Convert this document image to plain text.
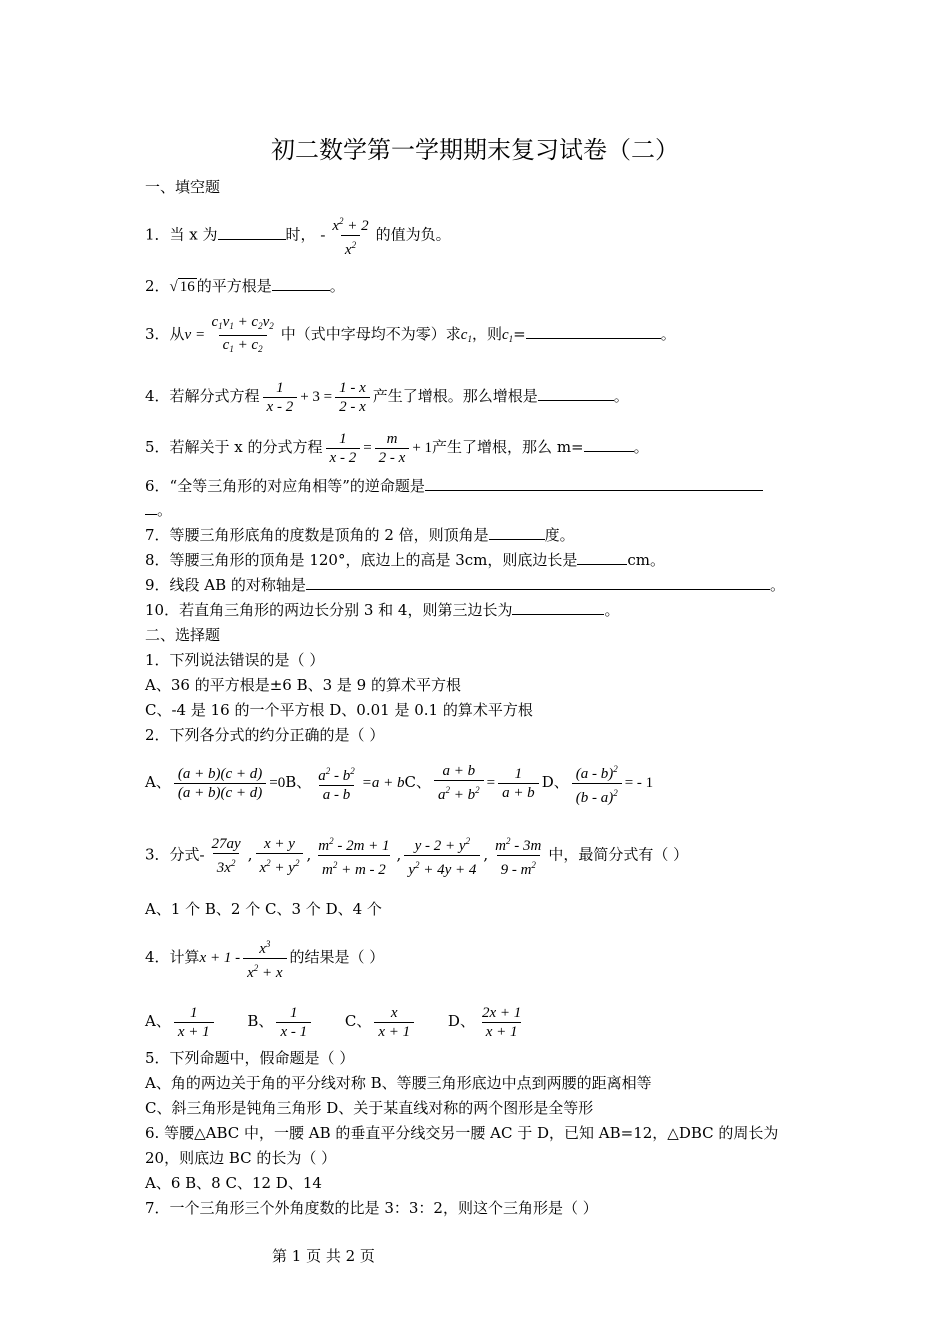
初二数学第一学期期末复习试卷（二）
一、填空题
1．当 x 为	时， - $\frac{x^2 + 2}{x^2}$ 的值为负。
2．√ 16 的平方根是	。
3．从$v = \frac{c_1v_1 + c_2v_2}{c_1 + c_2}$ 中（式中字母均不为零）求$c_1$，则$c_1=$	。
4．若解分式方程 $\frac{1}{x - 2} + 3 = \frac{1 - x}{2 - x}$ 产生了增根。那么增根是	。
5．若解关于 x 的分式方程 $\frac{1}{x - 2} = \frac{m}{2 - x} + 1$产生了增根，那么 m=	。
6．“全等三角形的对应角相等”的逆命题是
。
7．等腰三角形底角的度数是顶角的 2 倍，则顶角是	度。
8．等腰三角形的顶角是 120°，底边上的高是 3cm，则底边长是	cm。
9．线段 AB 的对称轴是	。
10．若直角三角形的两边长分别 3 和 4，则第三边长为	。
二、选择题
1．下列说法错误的是（ ）
A、36 的平方根是±6 B、3 是 9 的算术平方根
C、-4 是 16 的一个平方根 D、0.01 是 0.1 的算术平方根
2．下列各分式的约分正确的是（ ）
A、 $\frac{(a + b)(c + d)}{(a + b)(c + d)} =0B$、 $\frac{a^2 - b^2}{a - b} =a$ + bC、 $\frac{a + b}{a^2 + b^2} = \frac{1}{a + b}$ D、 $\frac{(a - b)^2}{(b - a)^2}$ = - 1
3．分式- $\frac{27ay}{3x^2}$ , $\frac{x + y}{x^2 + y^2}$ , $\frac{m^2 - 2m + 1}{m^2 + m - 2}$ , $\frac{y - 2 + y^2}{y^2 + 4y + 4}$ , $\frac{m^2 - 3m}{9 - m^2}$ 中，最简分式有（ ）
A、1 个 B、2 个 C、3 个 D、4 个
4．计算$x + 1 - \frac{x^3}{x^2 + x}$ 的结果是（ ）
A、 $\frac{1}{x + 1}$ B、 $\frac{1}{x - 1}$ C、 $\frac{x}{x + 1}$ D、 $\frac{2x + 1}{x + 1}$
5．下列命题中，假命题是（ ）
A、角的两边关于角的平分线对称 B、等腰三角形底边中点到两腰的距离相等
C、斜三角形是钝角三角形 D、关于某直线对称的两个图形是全等形
6. 等腰△ABC 中，一腰 AB 的垂直平分线交另一腰 AC 于 D，已知 AB=12，△DBC 的周长为
20，则底边 BC 的长为（ ）
A、6 B、8 C、12 D、14
7．一个三角形三个外角度数的比是 3：3：2，则这个三角形是（ ）
第 1 页 共 2 页
